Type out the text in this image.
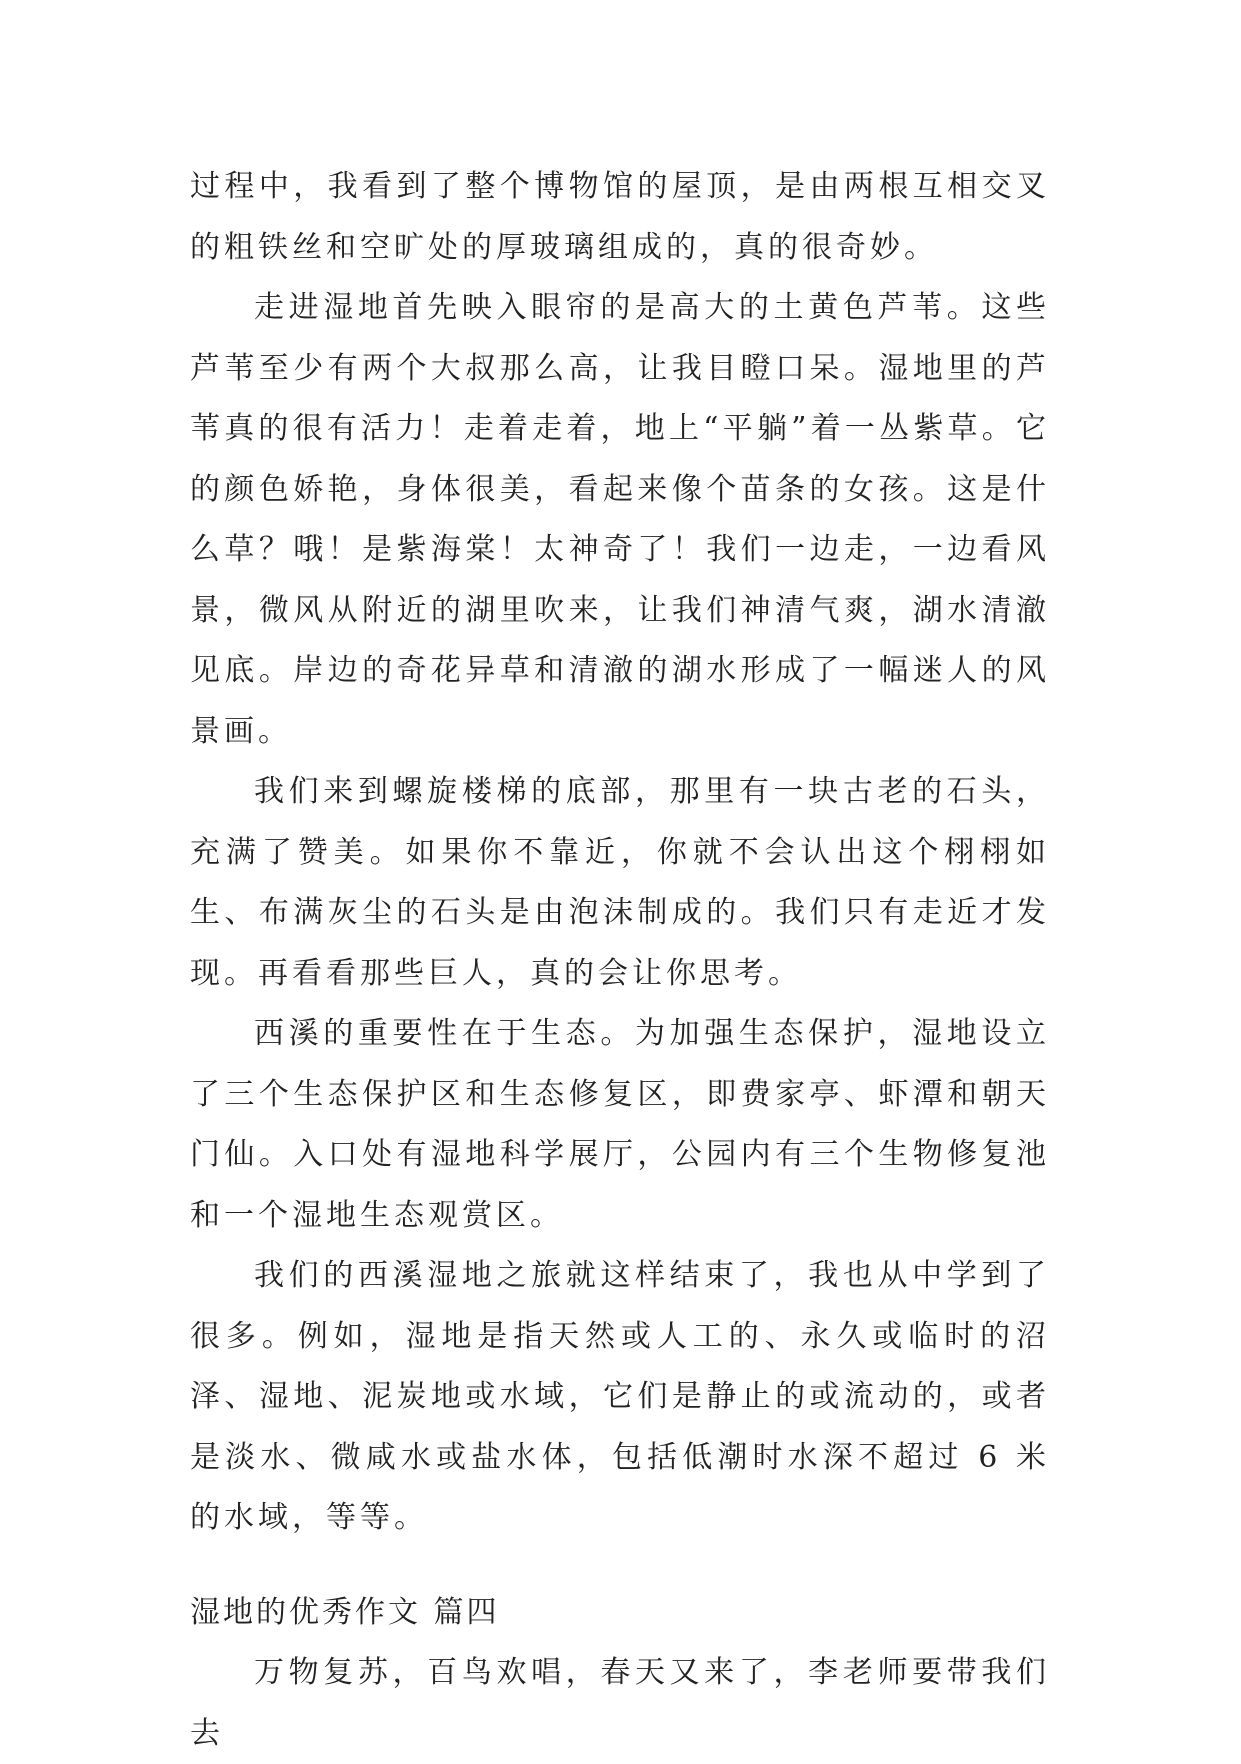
过程中，我看到了整个博物馆的屋顶，是由两根互相交叉的粗铁丝和空旷处的厚玻璃组成的，真的很奇妙。

走进湿地首先映入眼帘的是高大的土黄色芦苇。这些芦苇至少有两个大叔那么高，让我目瞪口呆。湿地里的芦苇真的很有活力！走着走着，地上“平躺”着一丛紫草。它的颜色娇艳，身体很美，看起来像个苗条的女孩。这是什么草？哦！是紫海棠！太神奇了！我们一边走，一边看风景，微风从附近的湖里吹来，让我们神清气爽，湖水清澈见底。岸边的奇花异草和清澈的湖水形成了一幅迷人的风景画。

我们来到螺旋楼梯的底部，那里有一块古老的石头，充满了赞美。如果你不靠近，你就不会认出这个栩栩如生、布满灰尘的石头是由泡沫制成的。我们只有走近才发现。再看看那些巨人，真的会让你思考。

西溪的重要性在于生态。为加强生态保护，湿地设立了三个生态保护区和生态修复区，即费家亭、虾潭和朝天门仙。入口处有湿地科学展厅，公园内有三个生物修复池和一个湿地生态观赏区。

我们的西溪湿地之旅就这样结束了，我也从中学到了很多。例如，湿地是指天然或人工的、永久或临时的沼泽、湿地、泥炭地或水域，它们是静止的或流动的，或者是淡水、微咸水或盐水体，包括低潮时水深不超过 6 米的水域，等等。

湿地的优秀作文 篇四

万物复苏，百鸟欢唱，春天又来了，李老师要带我们去
